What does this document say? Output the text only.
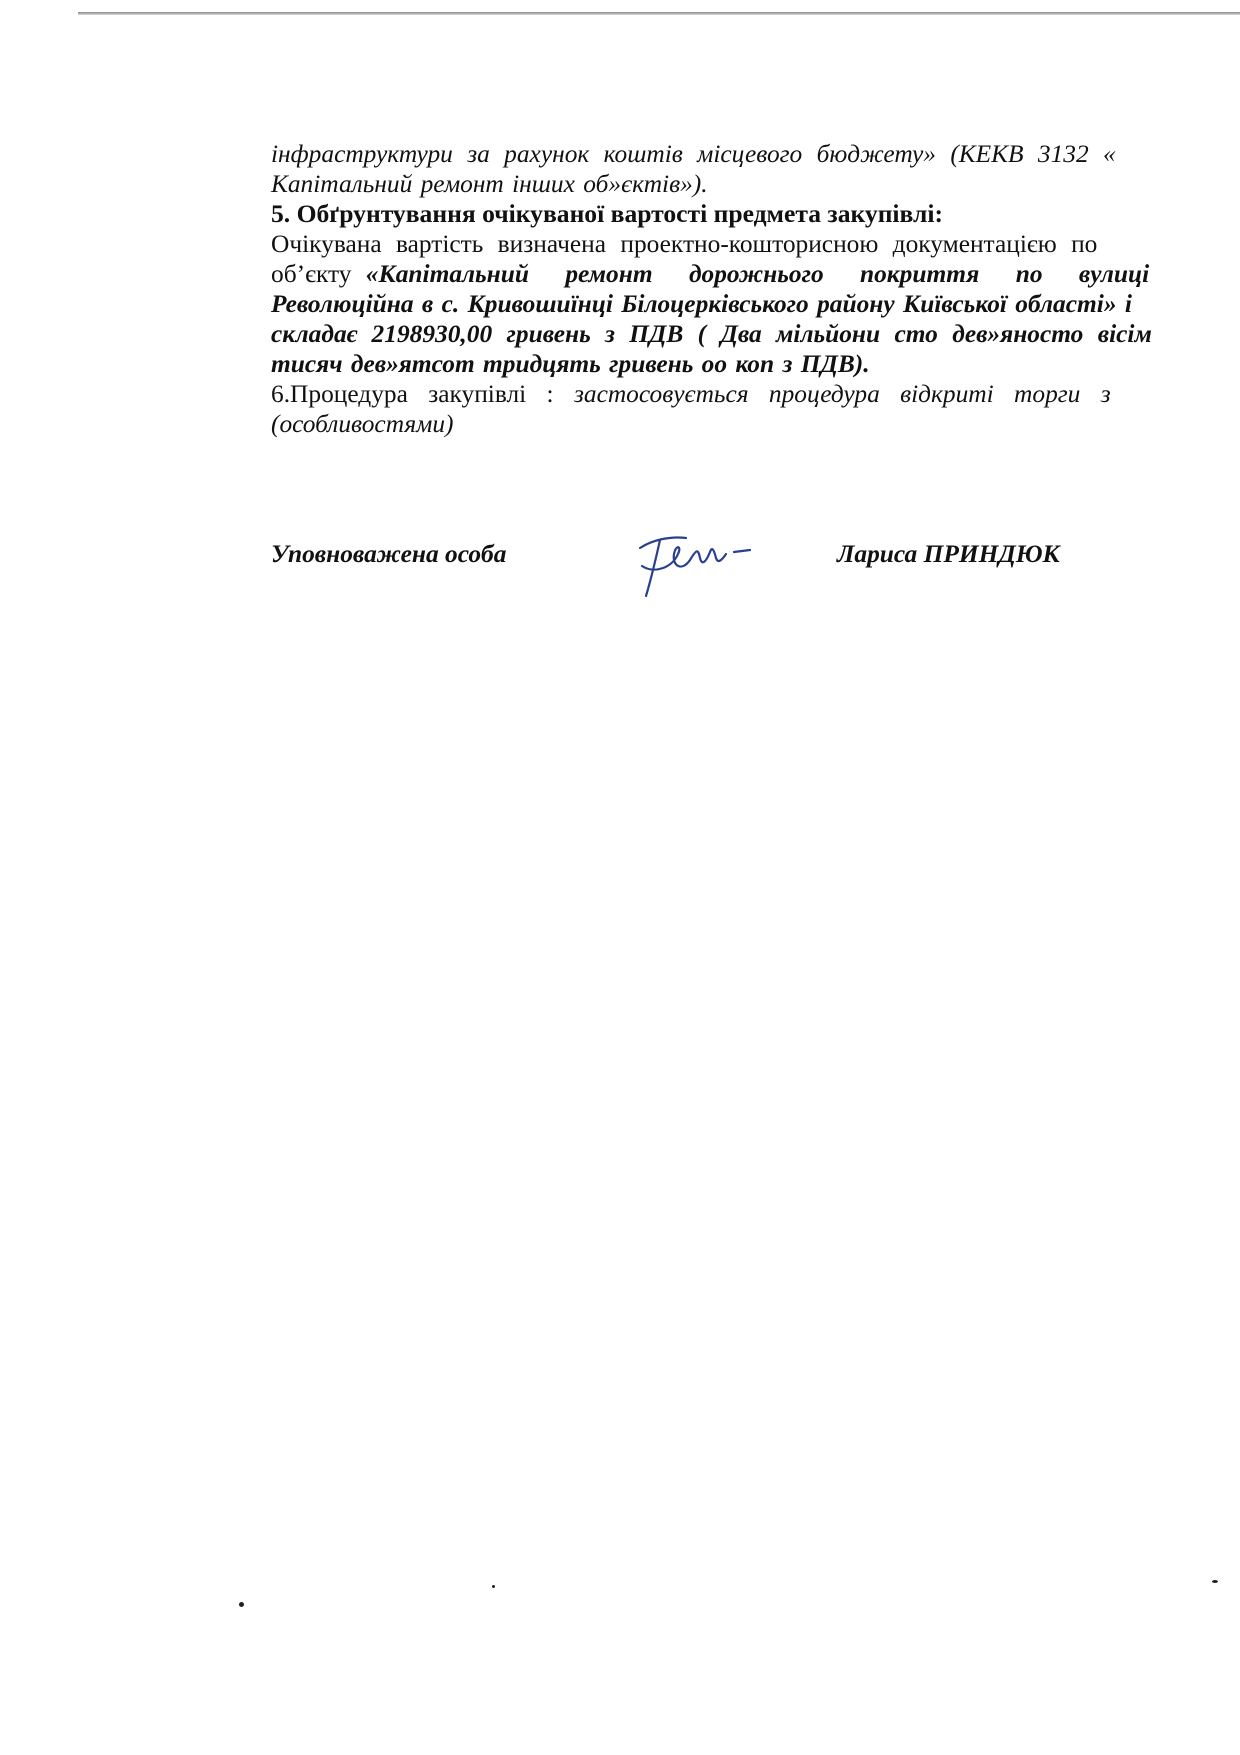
інфраструктури за рахунок коштів місцевого бюджету» (КЕКВ 3132 «
Капітальний ремонт інших об»єктів»).

5. Обґрунтування очікуваної вартості предмета закупівлі:

Очікувана вартість визначена проектно-кошторисною документацією по
об’єкту «Капітальний ремонт дорожнього покриття по вулиці
Революційна в с. Кривошиїнці Білоцерківського району Київської області» і
складає 2198930,00 гривень з ПДВ ( Два мільйони сто дев»яносто вісім
тисяч дев»ятсот тридцять гривень оо коп з ПДВ).

6.Процедура закупівлі : застосовується процедура відкриті торги з
(особливостями)

Уповноважена особа	Лариса ПРИНДЮК
